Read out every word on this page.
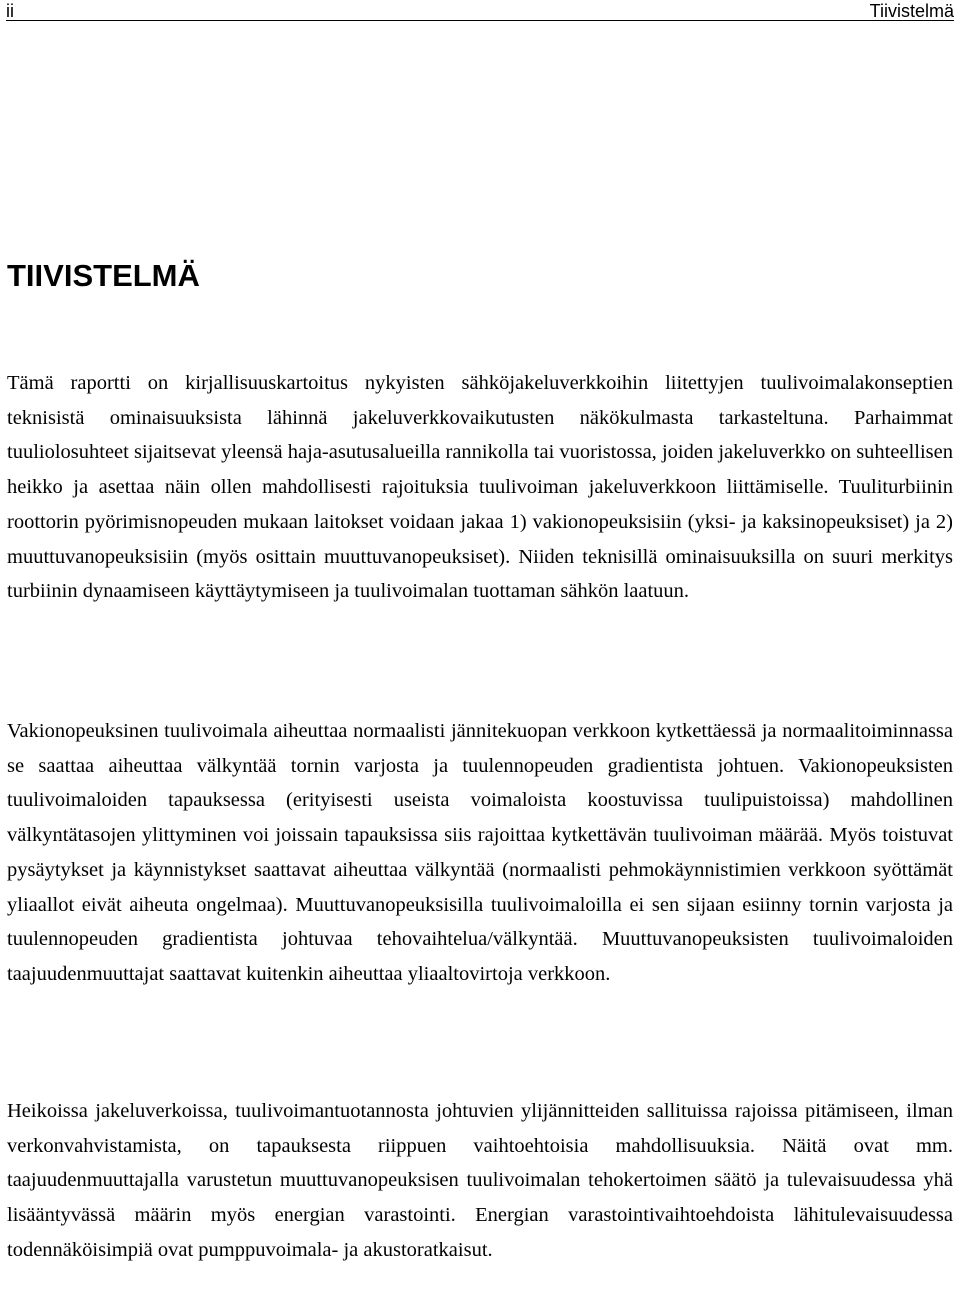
ii	Tiivistelmä
TIIVISTELMÄ

Tämä raportti on kirjallisuuskartoitus nykyisten sähköjakeluverkkoihin liitettyjen tuulivoimalakonseptien teknisistä ominaisuuksista lähinnä jakeluverkkovaikutusten näkökulmasta tarkasteltuna. Parhaimmat tuuliolosuhteet sijaitsevat yleensä haja-asutusalueilla rannikolla tai vuoristossa, joiden jakeluverkko on suhteellisen heikko ja asettaa näin ollen mahdollisesti rajoituksia tuulivoiman jakeluverkkoon liittämiselle. Tuuliturbiinin roottorin pyörimisnopeuden mukaan laitokset voidaan jakaa 1) vakionopeuksisiin (yksi- ja kaksinopeuksiset) ja 2) muuttuvanopeuksisiin (myös osittain muuttuvanopeuksiset). Niiden teknisillä ominaisuuksilla on suuri merkitys turbiinin dynaamiseen käyttäytymiseen ja tuulivoimalan tuottaman sähkön laatuun.

Vakionopeuksinen tuulivoimala aiheuttaa normaalisti jännitekuopan verkkoon kytkettäessä ja normaalitoiminnassa se saattaa aiheuttaa välkyntää tornin varjosta ja tuulennopeuden gradientista johtuen. Vakionopeuksisten tuulivoimaloiden tapauksessa (erityisesti useista voimaloista koostuvissa tuulipuistoissa) mahdollinen välkyntätasojen ylittyminen voi joissain tapauksissa siis rajoittaa kytkettävän tuulivoiman määrää. Myös toistuvat pysäytykset ja käynnistykset saattavat aiheuttaa välkyntää (normaalisti pehmokäynnistimien verkkoon syöttämät yliaallot eivät aiheuta ongelmaa). Muuttuvanopeuksisilla tuulivoimaloilla ei sen sijaan esiinny tornin varjosta ja tuulennopeuden gradientista johtuvaa tehovaihtelua/välkyntää. Muuttuvanopeuksisten tuulivoimaloiden taajuudenmuuttajat saattavat kuitenkin aiheuttaa yliaaltovirtoja verkkoon.

Heikoissa jakeluverkoissa, tuulivoimantuotannosta johtuvien ylijännitteiden sallituissa rajoissa pitämiseen, ilman verkonvahvistamista, on tapauksesta riippuen vaihtoehtoisia mahdollisuuksia. Näitä ovat mm. taajuudenmuuttajalla varustetun muuttuvanopeuksisen tuulivoimalan tehokertoimen säätö ja tulevaisuudessa yhä lisääntyvässä määrin myös energian varastointi. Energian varastointivaihtoehdoista lähitulevaisuudessa todennäköisimpiä ovat pumppuvoimala- ja akustoratkaisut.
